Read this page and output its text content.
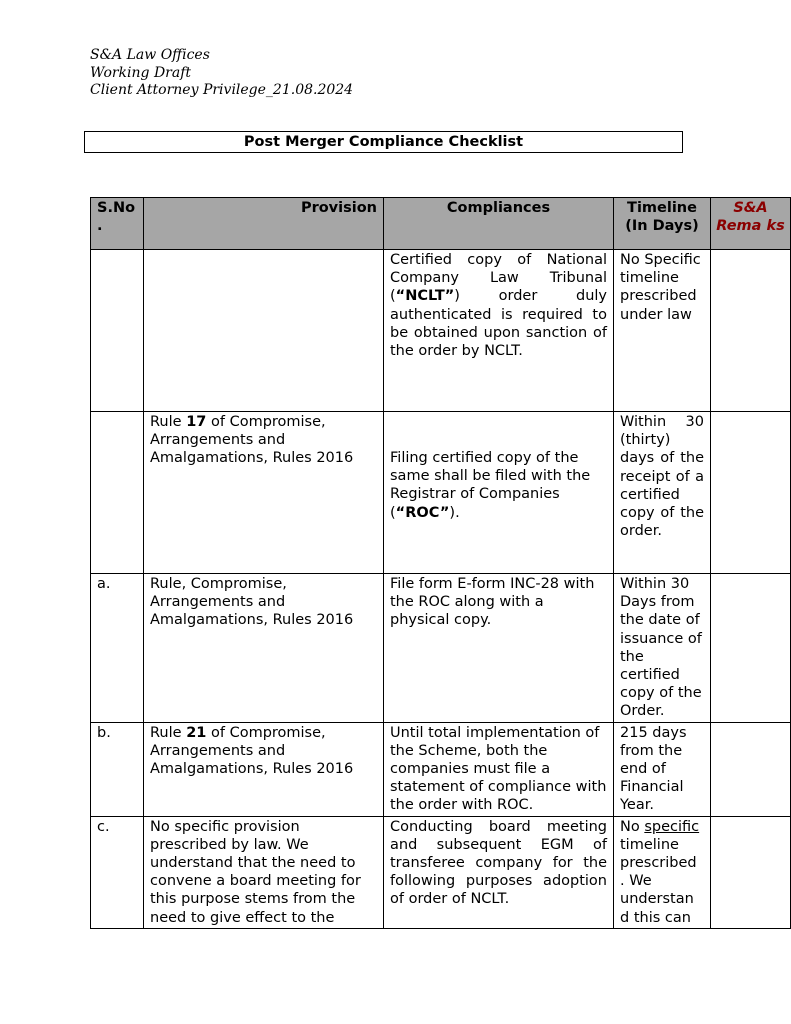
S&A Law Offices
Working Draft
Client Attorney Privilege_21.08.2024
Post Merger Compliance Checklist
S.No .	Provision	Compliances	Timeline (In Days)	S&A Rema ks
		Certified copy of National Company Law Tribunal (“NCLT”) order duly authenticated is required to be obtained upon sanction of the order by NCLT.	No Specific timeline prescribed under law	
	Rule 17 of Compromise, Arrangements and Amalgamations, Rules 2016	Filing certified copy of the same shall be filed with the Registrar of Companies (“ROC”).	Within 30 (thirty) days of the receipt of a certified copy of the order.	
a.	Rule, Compromise, Arrangements and Amalgamations, Rules 2016	File form E-form INC-28 with the ROC along with a physical copy.	Within 30 Days from the date of issuance of the certified copy of the Order.	
b.	Rule 21 of Compromise, Arrangements and Amalgamations, Rules 2016	Until total implementation of the Scheme, both the companies must file a statement of compliance with the order with ROC.	215 days from the end of Financial Year.	
c.	No specific provision prescribed by law. We understand that the need to convene a board meeting for this purpose stems from the need to give effect to the	Conducting board meeting and subsequent EGM of transferee company for the following purposes adoption of order of NCLT.	No specific timeline prescribed . We understan d this can	
